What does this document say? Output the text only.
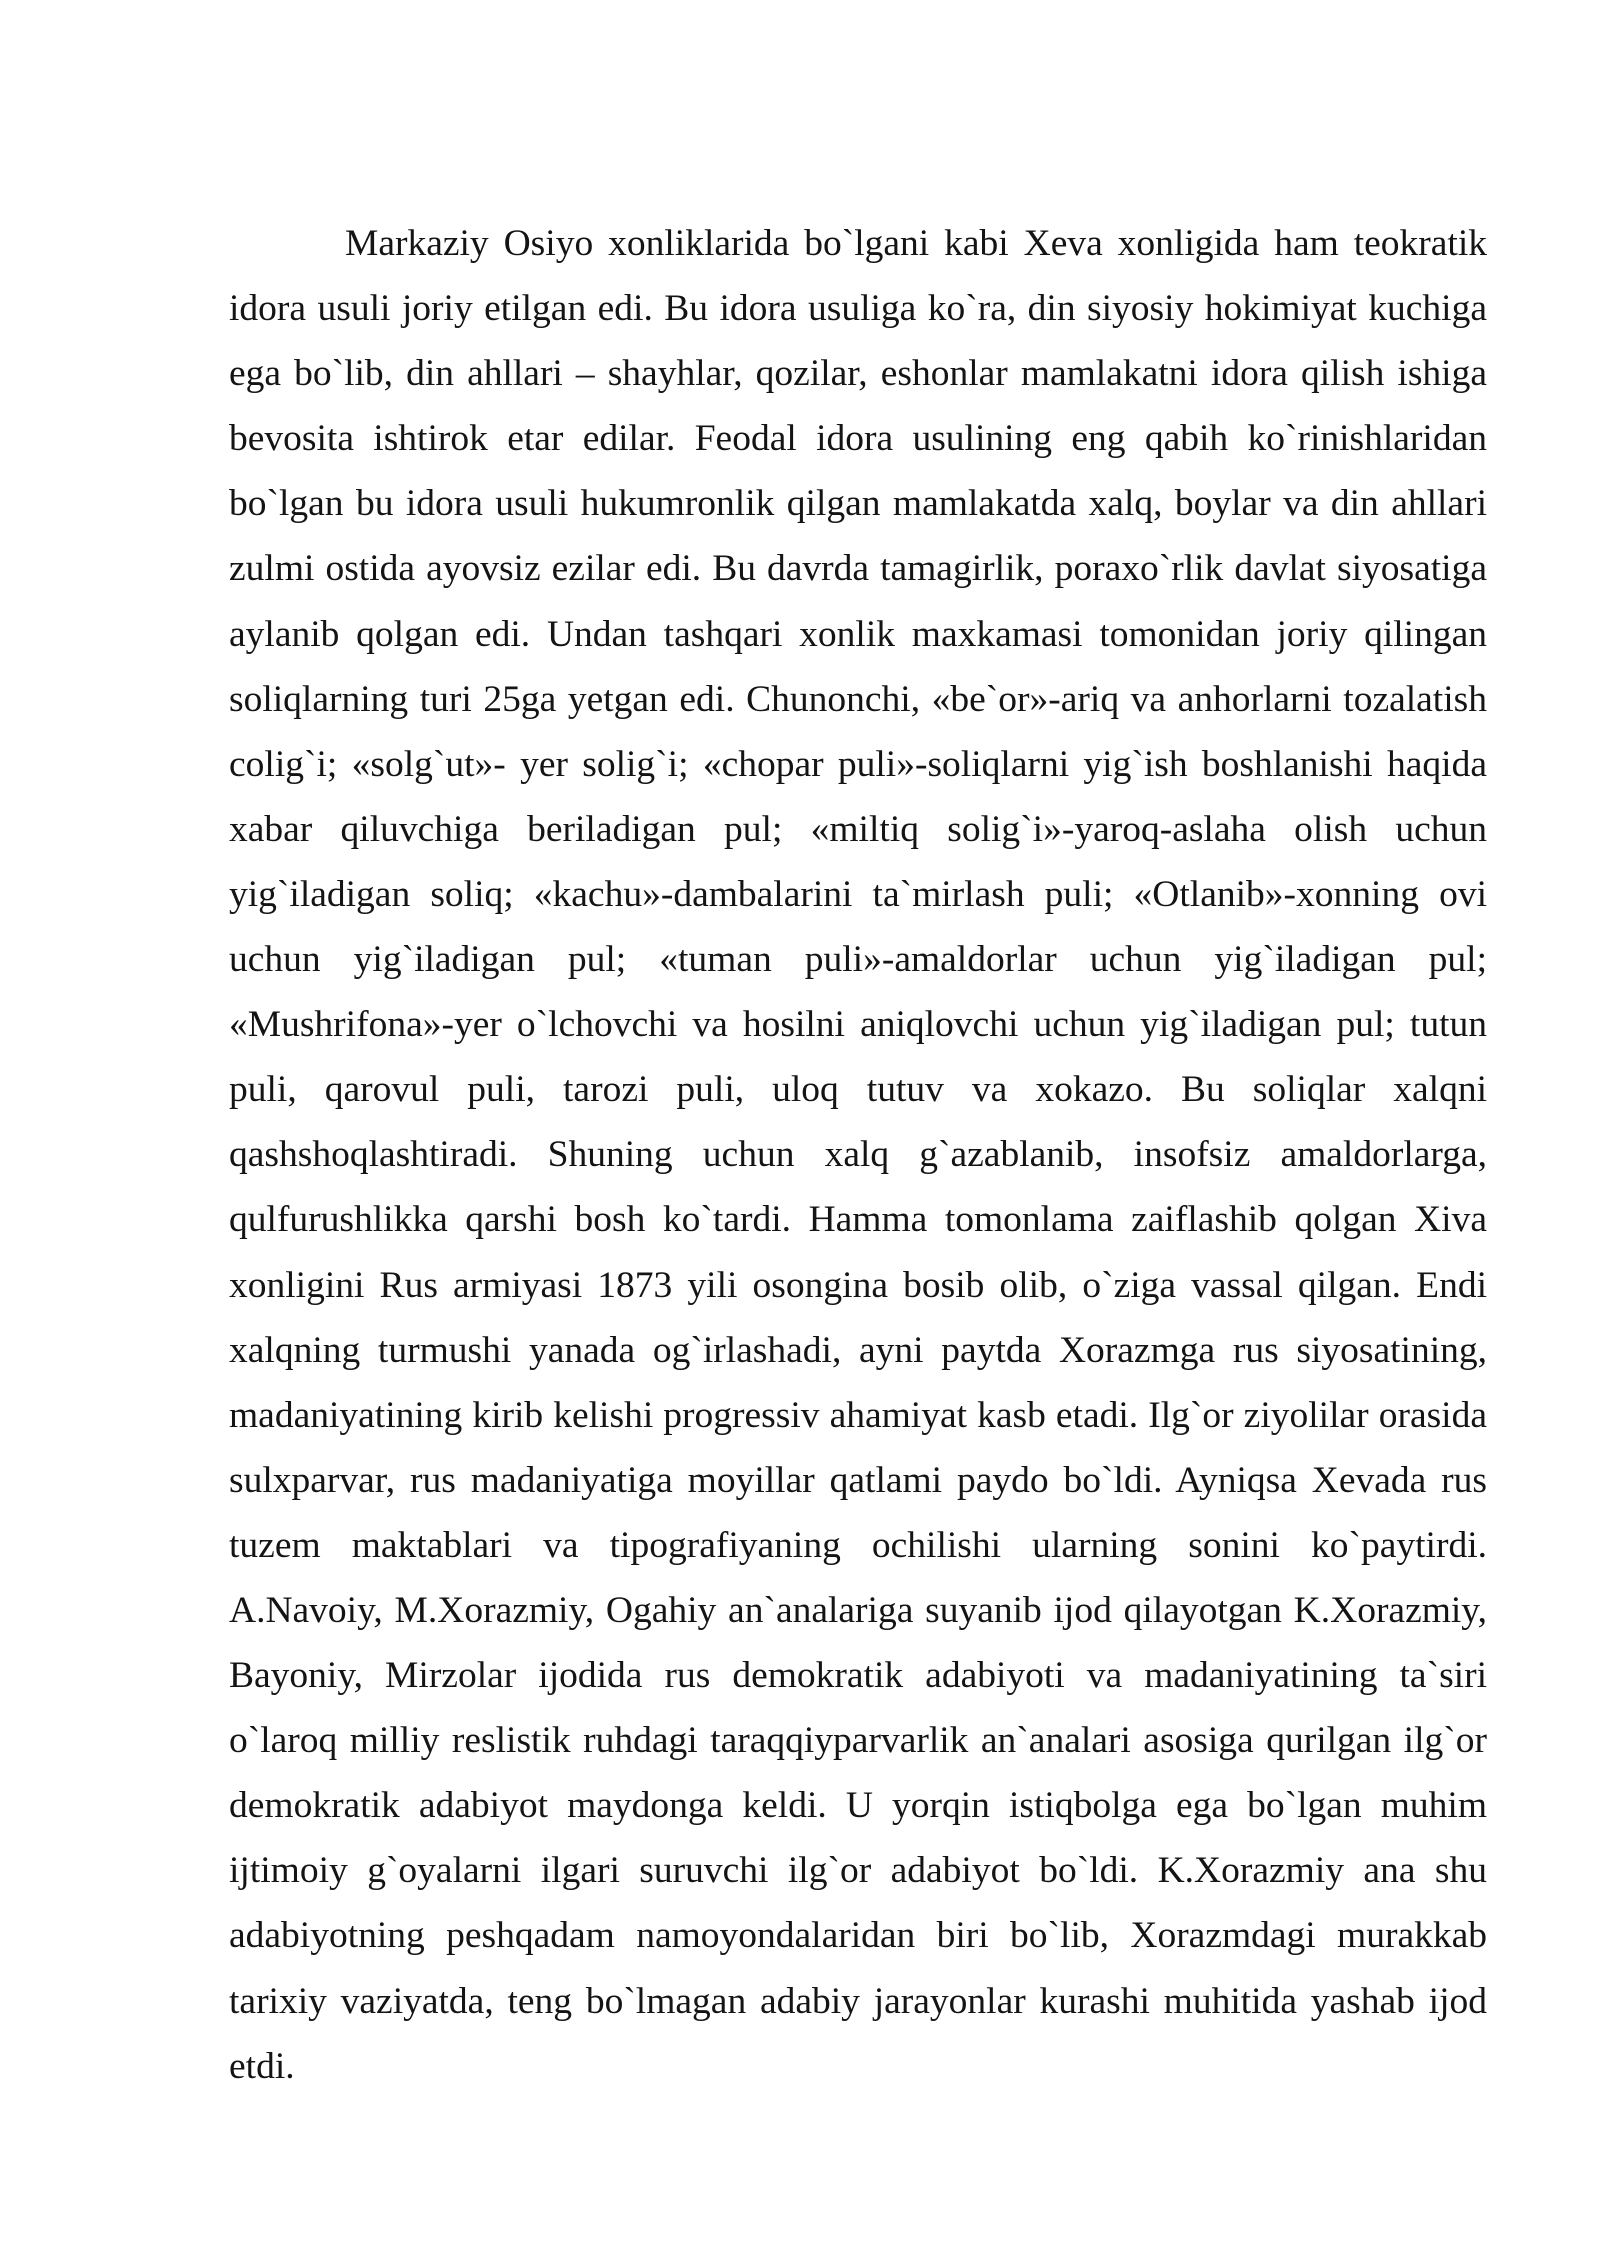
Markaziy Osiyo xonliklarida bo`lgani kabi Xeva xonligida ham teokratik idora usuli joriy etilgan edi. Bu idora usuliga ko`ra, din siyosiy hokimiyat kuchiga ega bo`lib, din ahllari – shayhlar, qozilar, eshonlar mamlakatni idora qilish ishiga bevosita ishtirok etar edilar. Feodal idora usulining eng qabih ko`rinishlaridan bo`lgan bu idora usuli hukumronlik qilgan mamlakatda xalq, boylar va din ahllari zulmi ostida ayovsiz ezilar edi. Bu davrda tamagirlik, poraxo`rlik davlat siyosatiga aylanib qolgan edi. Undan tashqari xonlik maxkamasi tomonidan joriy qilingan soliqlarning turi 25ga yetgan edi. Chunonchi, «be`or»-ariq va anhorlarni tozalatish colig`i; «solg`ut»- yer solig`i; «chopar puli»-soliqlarni yig`ish boshlanishi haqida xabar qiluvchiga beriladigan pul; «miltiq solig`i»-yaroq-aslaha olish uchun yig`iladigan soliq; «kachu»-dambalarini ta`mirlash puli; «Otlanib»-xonning ovi uchun yig`iladigan pul; «tuman puli»-amaldorlar uchun yig`iladigan pul; «Mushrifona»-yer o`lchovchi va hosilni aniqlovchi uchun yig`iladigan pul; tutun puli, qarovul puli, tarozi puli, uloq tutuv va xokazo. Bu soliqlar xalqni qashshoqlashtiradi. Shuning uchun xalq g`azablanib, insofsiz amaldorlarga, qulfurushlikka qarshi bosh ko`tardi. Hamma tomonlama zaiflashib qolgan Xiva xonligini Rus armiyasi 1873 yili osongina bosib olib, o`ziga vassal qilgan. Endi xalqning turmushi yanada og`irlashadi, ayni paytda Xorazmga rus siyosatining, madaniyatining kirib kelishi progressiv ahamiyat kasb etadi. Ilg`or ziyolilar orasida sulxparvar, rus madaniyatiga moyillar qatlami paydo bo`ldi. Ayniqsa Xevada rus tuzem maktablari va tipografiyaning ochilishi ularning sonini ko`paytirdi. A.Navoiy, M.Xorazmiy, Ogahiy an`analariga suyanib ijod qilayotgan K.Xorazmiy, Bayoniy, Mirzolar ijodida rus demokratik adabiyoti va madaniyatining ta`siri o`laroq milliy reslistik ruhdagi taraqqiyparvarlik an`analari asosiga qurilgan ilg`or demokratik adabiyot maydonga keldi. U yorqin istiqbolga ega bo`lgan muhim ijtimoiy g`oyalarni ilgari suruvchi ilg`or adabiyot bo`ldi. K.Xorazmiy ana shu adabiyotning peshqadam namoyondalaridan biri bo`lib, Xorazmdagi murakkab tarixiy vaziyatda, teng bo`lmagan adabiy jarayonlar kurashi muhitida yashab ijod etdi.
